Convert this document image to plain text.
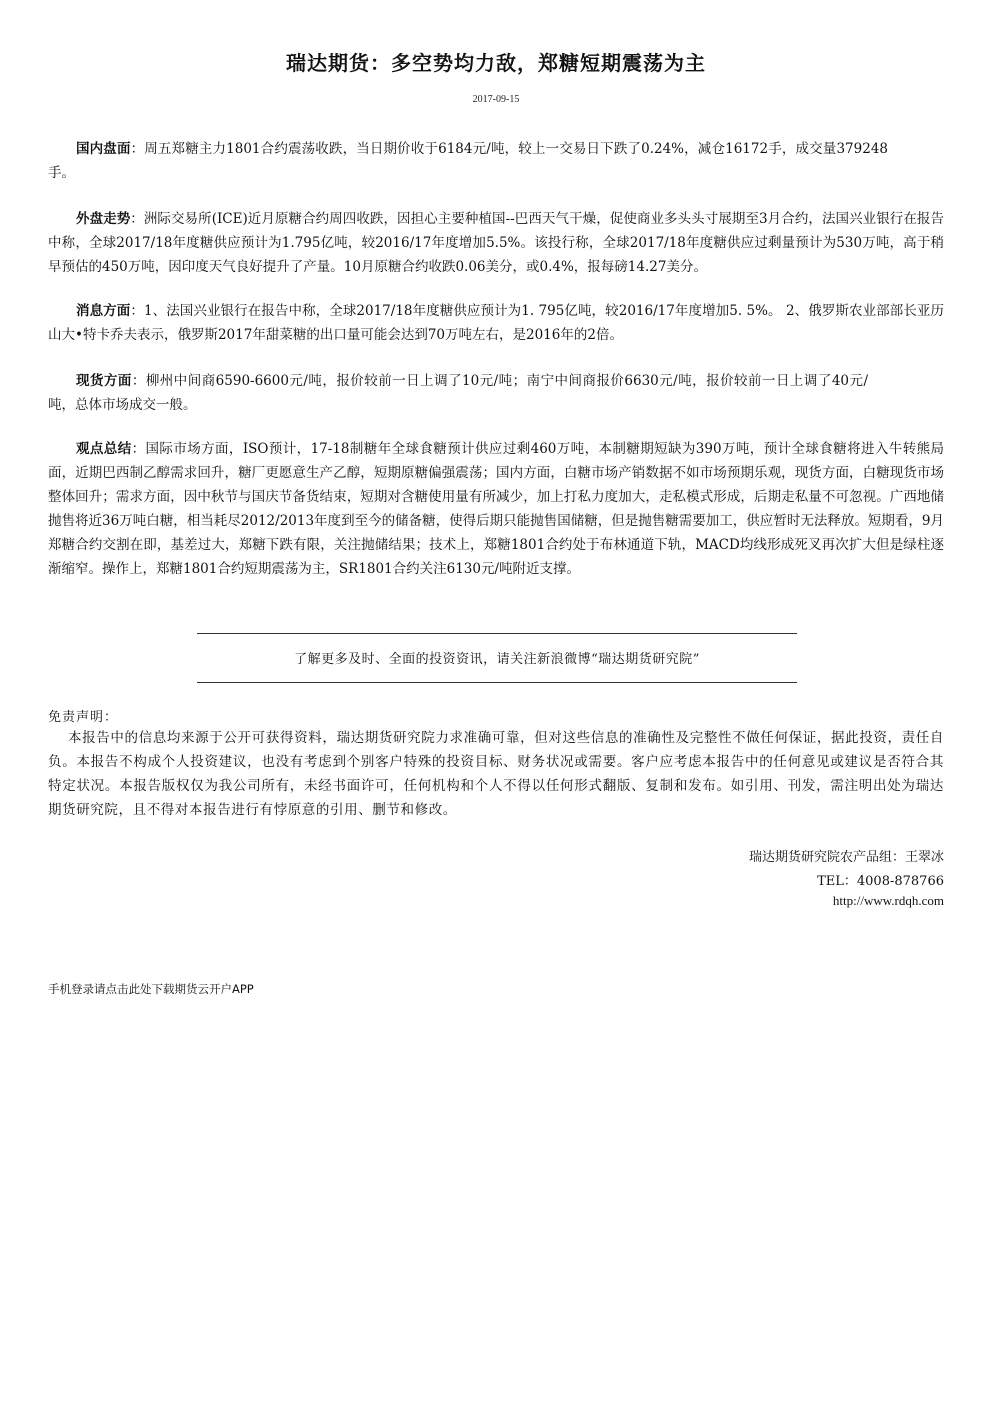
瑞达期货：多空势均力敌，郑糖短期震荡为主
2017-09-15

国内盘面：周五郑糖主力1801合约震荡收跌，当日期价收于6184元/吨，较上一交易日下跌了0.24%，减仓16172手，成交量379248手。

外盘走势：洲际交易所(ICE)近月原糖合约周四收跌，因担心主要种植国--巴西天气干燥，促使商业多头头寸展期至3月合约，法国兴业银行在报告中称，全球2017/18年度糖供应预计为1.795亿吨，较2016/17年度增加5.5%。该投行称，全球2017/18年度糖供应过剩量预计为530万吨，高于稍早预估的450万吨，因印度天气良好提升了产量。10月原糖合约收跌0.06美分，或0.4%，报每磅14.27美分。

消息方面：1、法国兴业银行在报告中称，全球2017/18年度糖供应预计为1. 795亿吨，较2016/17年度增加5. 5%。 2、俄罗斯农业部部长亚历山大•特卡乔夫表示，俄罗斯2017年甜菜糖的出口量可能会达到70万吨左右，是2016年的2倍。

现货方面：柳州中间商6590-6600元/吨，报价较前一日上调了10元/吨；南宁中间商报价6630元/吨，报价较前一日上调了40元/吨，总体市场成交一般。

观点总结：国际市场方面，ISO预计，17-18制糖年全球食糖预计供应过剩460万吨，本制糖期短缺为390万吨，预计全球食糖将进入牛转熊局面，近期巴西制乙醇需求回升，糖厂更愿意生产乙醇，短期原糖偏强震荡；国内方面，白糖市场产销数据不如市场预期乐观，现货方面，白糖现货市场整体回升；需求方面，因中秋节与国庆节备货结束，短期对含糖使用量有所减少，加上打私力度加大，走私模式形成，后期走私量不可忽视。广西地储抛售将近36万吨白糖，相当耗尽2012/2013年度到至今的储备糖，使得后期只能抛售国储糖，但是抛售糖需要加工，供应暂时无法释放。短期看，9月郑糖合约交割在即，基差过大，郑糖下跌有限，关注抛储结果；技术上，郑糖1801合约处于布林通道下轨，MACD均线形成死叉再次扩大但是绿柱逐渐缩窄。操作上，郑糖1801合约短期震荡为主，SR1801合约关注6130元/吨附近支撑。

了解更多及时、全面的投资资讯，请关注新浪微博“瑞达期货研究院”
免责声明：

本报告中的信息均来源于公开可获得资料，瑞达期货研究院力求准确可靠，但对这些信息的准确性及完整性不做任何保证，据此投资，责任自负。本报告不构成个人投资建议，也没有考虑到个别客户特殊的投资目标、财务状况或需要。客户应考虑本报告中的任何意见或建议是否符合其特定状况。本报告版权仅为我公司所有，未经书面许可，任何机构和个人不得以任何形式翻版、复制和发布。如引用、刊发，需注明出处为瑞达期货研究院，且不得对本报告进行有悖原意的引用、删节和修改。

瑞达期货研究院农产品组：王翠冰
TEL：4008-878766
http://www.rdqh.com
手机登录请点击此处下载期货云开户APP
